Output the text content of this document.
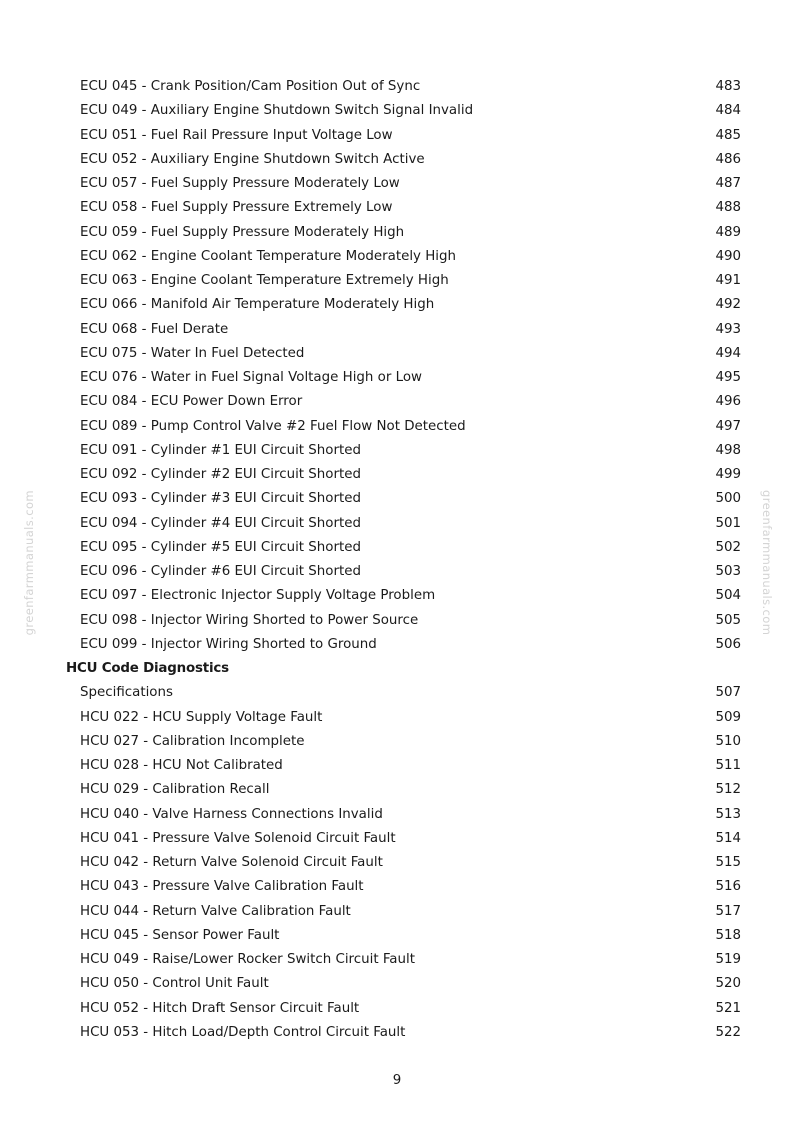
greenfarmmanuals.com	greenfarmmanuals.com
ECU 045 - Crank Position/Cam Position Out of Sync	483
ECU 049 - Auxiliary Engine Shutdown Switch Signal Invalid	484
ECU 051 - Fuel Rail Pressure Input Voltage Low	485
ECU 052 - Auxiliary Engine Shutdown Switch Active	486
ECU 057 - Fuel Supply Pressure Moderately Low	487
ECU 058 - Fuel Supply Pressure Extremely Low	488
ECU 059 - Fuel Supply Pressure Moderately High	489
ECU 062 - Engine Coolant Temperature Moderately High	490
ECU 063 - Engine Coolant Temperature Extremely High	491
ECU 066 - Manifold Air Temperature Moderately High	492
ECU 068 - Fuel Derate	493
ECU 075 - Water In Fuel Detected	494
ECU 076 - Water in Fuel Signal Voltage High or Low	495
ECU 084 - ECU Power Down Error	496
ECU 089 - Pump Control Valve #2 Fuel Flow Not Detected	497
ECU 091 - Cylinder #1 EUI Circuit Shorted	498
ECU 092 - Cylinder #2 EUI Circuit Shorted	499
ECU 093 - Cylinder #3 EUI Circuit Shorted	500
ECU 094 - Cylinder #4 EUI Circuit Shorted	501
ECU 095 - Cylinder #5 EUI Circuit Shorted	502
ECU 096 - Cylinder #6 EUI Circuit Shorted	503
ECU 097 - Electronic Injector Supply Voltage Problem	504
ECU 098 - Injector Wiring Shorted to Power Source	505
ECU 099 - Injector Wiring Shorted to Ground	506
HCU Code Diagnostics
Specifications	507
HCU 022 - HCU Supply Voltage Fault	509
HCU 027 - Calibration Incomplete	510
HCU 028 - HCU Not Calibrated	511
HCU 029 - Calibration Recall	512
HCU 040 - Valve Harness Connections Invalid	513
HCU 041 - Pressure Valve Solenoid Circuit Fault	514
HCU 042 - Return Valve Solenoid Circuit Fault	515
HCU 043 - Pressure Valve Calibration Fault	516
HCU 044 - Return Valve Calibration Fault	517
HCU 045 - Sensor Power Fault	518
HCU 049 - Raise/Lower Rocker Switch Circuit Fault	519
HCU 050 - Control Unit Fault	520
HCU 052 - Hitch Draft Sensor Circuit Fault	521
HCU 053 - Hitch Load/Depth Control Circuit Fault	522
9
